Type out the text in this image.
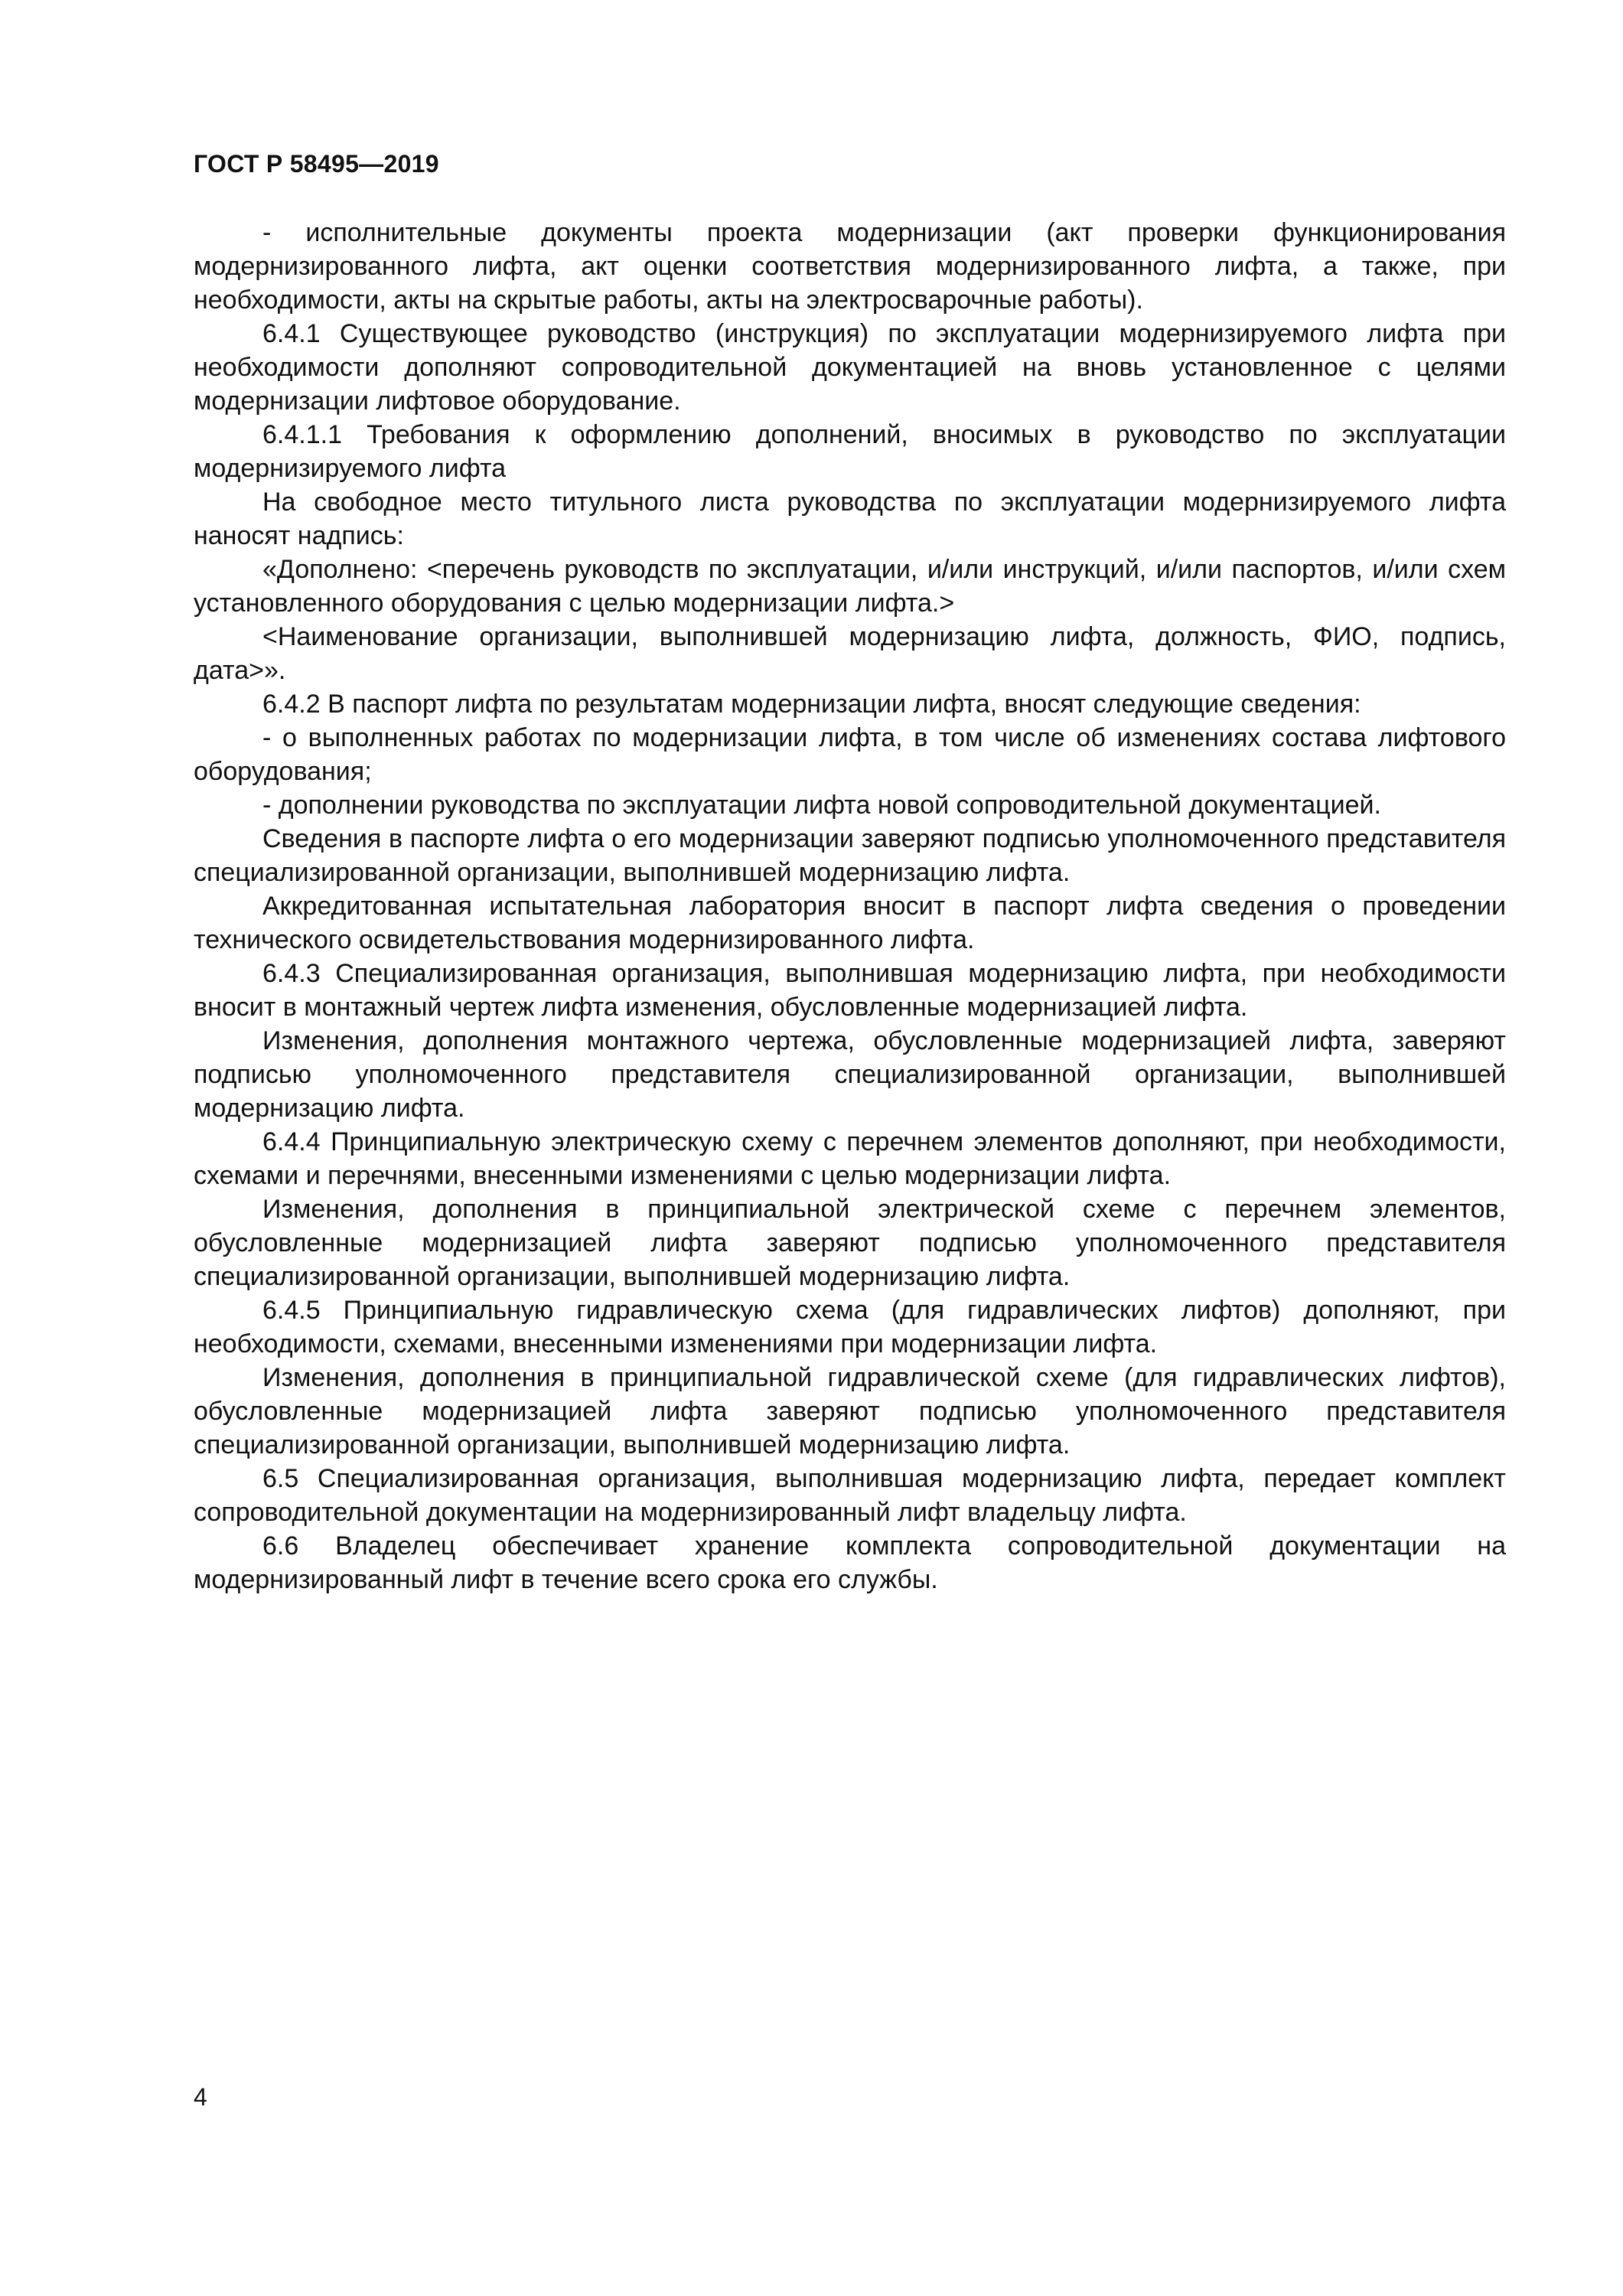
ГОСТ Р 58495—2019

- исполнительные документы проекта модернизации (акт проверки функционирования модернизированного лифта, акт оценки соответствия модернизированного лифта, а также, при необходимости, акты на скрытые работы, акты на электросварочные работы).

6.4.1 Существующее руководство (инструкция) по эксплуатации модернизируемого лифта при необходимости дополняют сопроводительной документацией на вновь установленное с целями модернизации лифтовое оборудование.

6.4.1.1 Требования к оформлению дополнений, вносимых в руководство по эксплуатации модернизируемого лифта

На свободное место титульного листа руководства по эксплуатации модернизируемого лифта наносят надпись:

«Дополнено: <перечень руководств по эксплуатации, и/или инструкций, и/или паспортов, и/или схем установленного оборудования с целью модернизации лифта.>

<Наименование организации, выполнившей модернизацию лифта, должность, ФИО, подпись, дата>».

6.4.2 В паспорт лифта по результатам модернизации лифта, вносят следующие сведения:

- о выполненных работах по модернизации лифта, в том числе об изменениях состава лифтового оборудования;

- дополнении руководства по эксплуатации лифта новой сопроводительной документацией.

Сведения в паспорте лифта о его модернизации заверяют подписью уполномоченного представителя специализированной организации, выполнившей модернизацию лифта.

Аккредитованная испытательная лаборатория вносит в паспорт лифта сведения о проведении технического освидетельствования модернизированного лифта.

6.4.3 Специализированная организация, выполнившая модернизацию лифта, при необходимости вносит в монтажный чертеж лифта изменения, обусловленные модернизацией лифта.

Изменения, дополнения монтажного чертежа, обусловленные модернизацией лифта, заверяют подписью уполномоченного представителя специализированной организации, выполнившей модернизацию лифта.

6.4.4 Принципиальную электрическую схему с перечнем элементов дополняют, при необходимости, схемами и перечнями, внесенными изменениями с целью модернизации лифта.

Изменения, дополнения в принципиальной электрической схеме с перечнем элементов, обусловленные модернизацией лифта заверяют подписью уполномоченного представителя специализированной организации, выполнившей модернизацию лифта.

6.4.5 Принципиальную гидравлическую схема (для гидравлических лифтов) дополняют, при необходимости, схемами, внесенными изменениями при модернизации лифта.

Изменения, дополнения в принципиальной гидравлической схеме (для гидравлических лифтов), обусловленные модернизацией лифта заверяют подписью уполномоченного представителя специализированной организации, выполнившей модернизацию лифта.

6.5 Специализированная организация, выполнившая модернизацию лифта, передает комплект сопроводительной документации на модернизированный лифт владельцу лифта.

6.6 Владелец обеспечивает хранение комплекта сопроводительной документации на модернизированный лифт в течение всего срока его службы.

4
